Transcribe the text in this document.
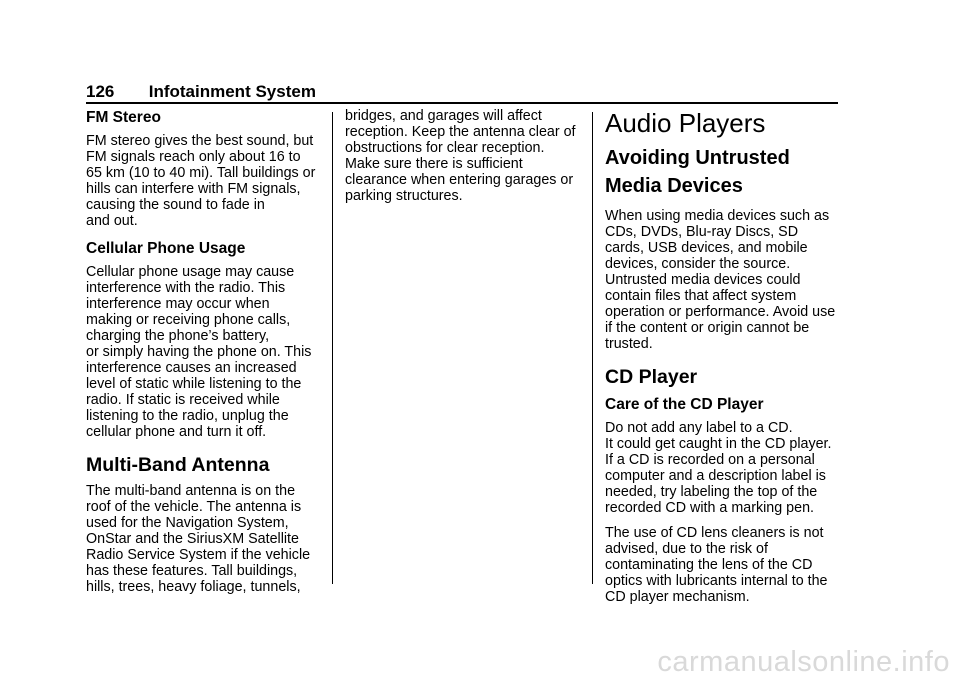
126 Infotainment System
FM Stereo

FM stereo gives the best sound, but
FM signals reach only about 16 to
65 km (10 to 40 mi). Tall buildings or
hills can interfere with FM signals,
causing the sound to fade in
and out.

Cellular Phone Usage

Cellular phone usage may cause
interference with the radio. This
interference may occur when
making or receiving phone calls,
charging the phone’s battery,
or simply having the phone on. This
interference causes an increased
level of static while listening to the
radio. If static is received while
listening to the radio, unplug the
cellular phone and turn it off.

Multi-Band Antenna

The multi-band antenna is on the
roof of the vehicle. The antenna is
used for the Navigation System,
OnStar and the SiriusXM Satellite
Radio Service System if the vehicle
has these features. Tall buildings,
hills, trees, heavy foliage, tunnels,

bridges, and garages will affect
reception. Keep the antenna clear of
obstructions for clear reception.
Make sure there is sufficient
clearance when entering garages or
parking structures.

Audio Players
Avoiding Untrusted Media Devices

When using media devices such as
CDs, DVDs, Blu-ray Discs, SD
cards, USB devices, and mobile
devices, consider the source.
Untrusted media devices could
contain files that affect system
operation or performance. Avoid use
if the content or origin cannot be
trusted.

CD Player
Care of the CD Player

Do not add any label to a CD.
It could get caught in the CD player.
If a CD is recorded on a personal
computer and a description label is
needed, try labeling the top of the
recorded CD with a marking pen.

The use of CD lens cleaners is not
advised, due to the risk of
contaminating the lens of the CD
optics with lubricants internal to the
CD player mechanism.

carmanualsonline.info
